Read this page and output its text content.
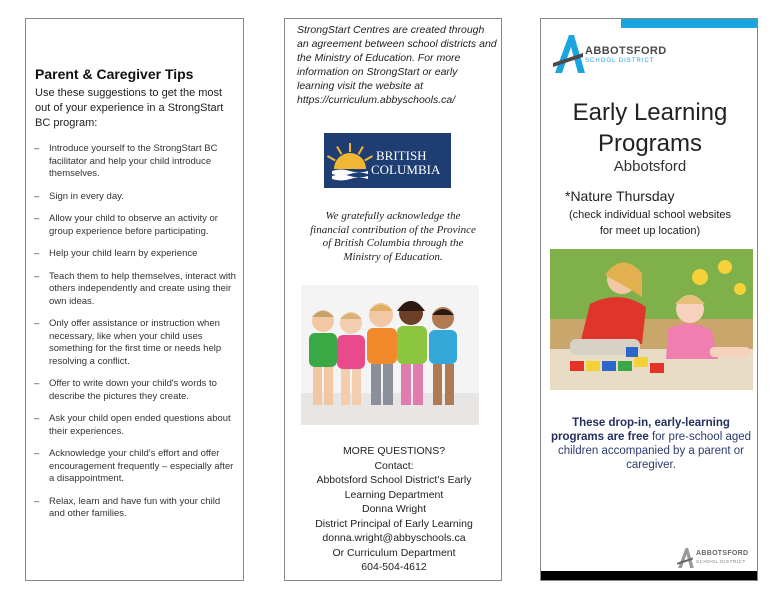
Parent & Caregiver Tips
Use these suggestions to get the most out of your experience in a StrongStart BC program:
– Introduce yourself to the StrongStart BC facilitator and help your child introduce themselves.
– Sign in every day.
– Allow your child to observe an activity or group experience before participating.
– Help your child learn by experience
– Teach them to help themselves, interact with others independently and create using their own ideas.
– Only offer assistance or instruction when necessary, like when your child uses something for the first time or needs help resolving a conflict.
– Offer to write down your child's words to describe the pictures they create.
– Ask your child open ended questions about their experiences.
– Acknowledge your child's effort and offer encouragement frequently – especially after a disappointment.
– Relax, learn and have fun with your child and other families.
StrongStart Centres are created through an agreement between school districts and the Ministry of Education. For more information on StrongStart or early learning visit the website at https://curriculum.abbyschools.ca/
BRITISH
COLUMBIA
We gratefully acknowledge the financial contribution of the Province of British Columbia through the Ministry of Education.
MORE QUESTIONS?
Contact:
Abbotsford School District’s Early
Learning Department
Donna Wright
District Principal of Early Learning
donna.wright@abbyschools.ca
Or Curriculum Department
604-504-4612
ABBOTSFORD
SCHOOL DISTRICT
Early Learning
Programs
Abbotsford
*Nature Thursday
(check individual school websites
for meet up location)
These drop-in, early-learning programs are free for pre-school aged children accompanied by a parent or caregiver.
ABBOTSFORD
SCHOOL DISTRICT
